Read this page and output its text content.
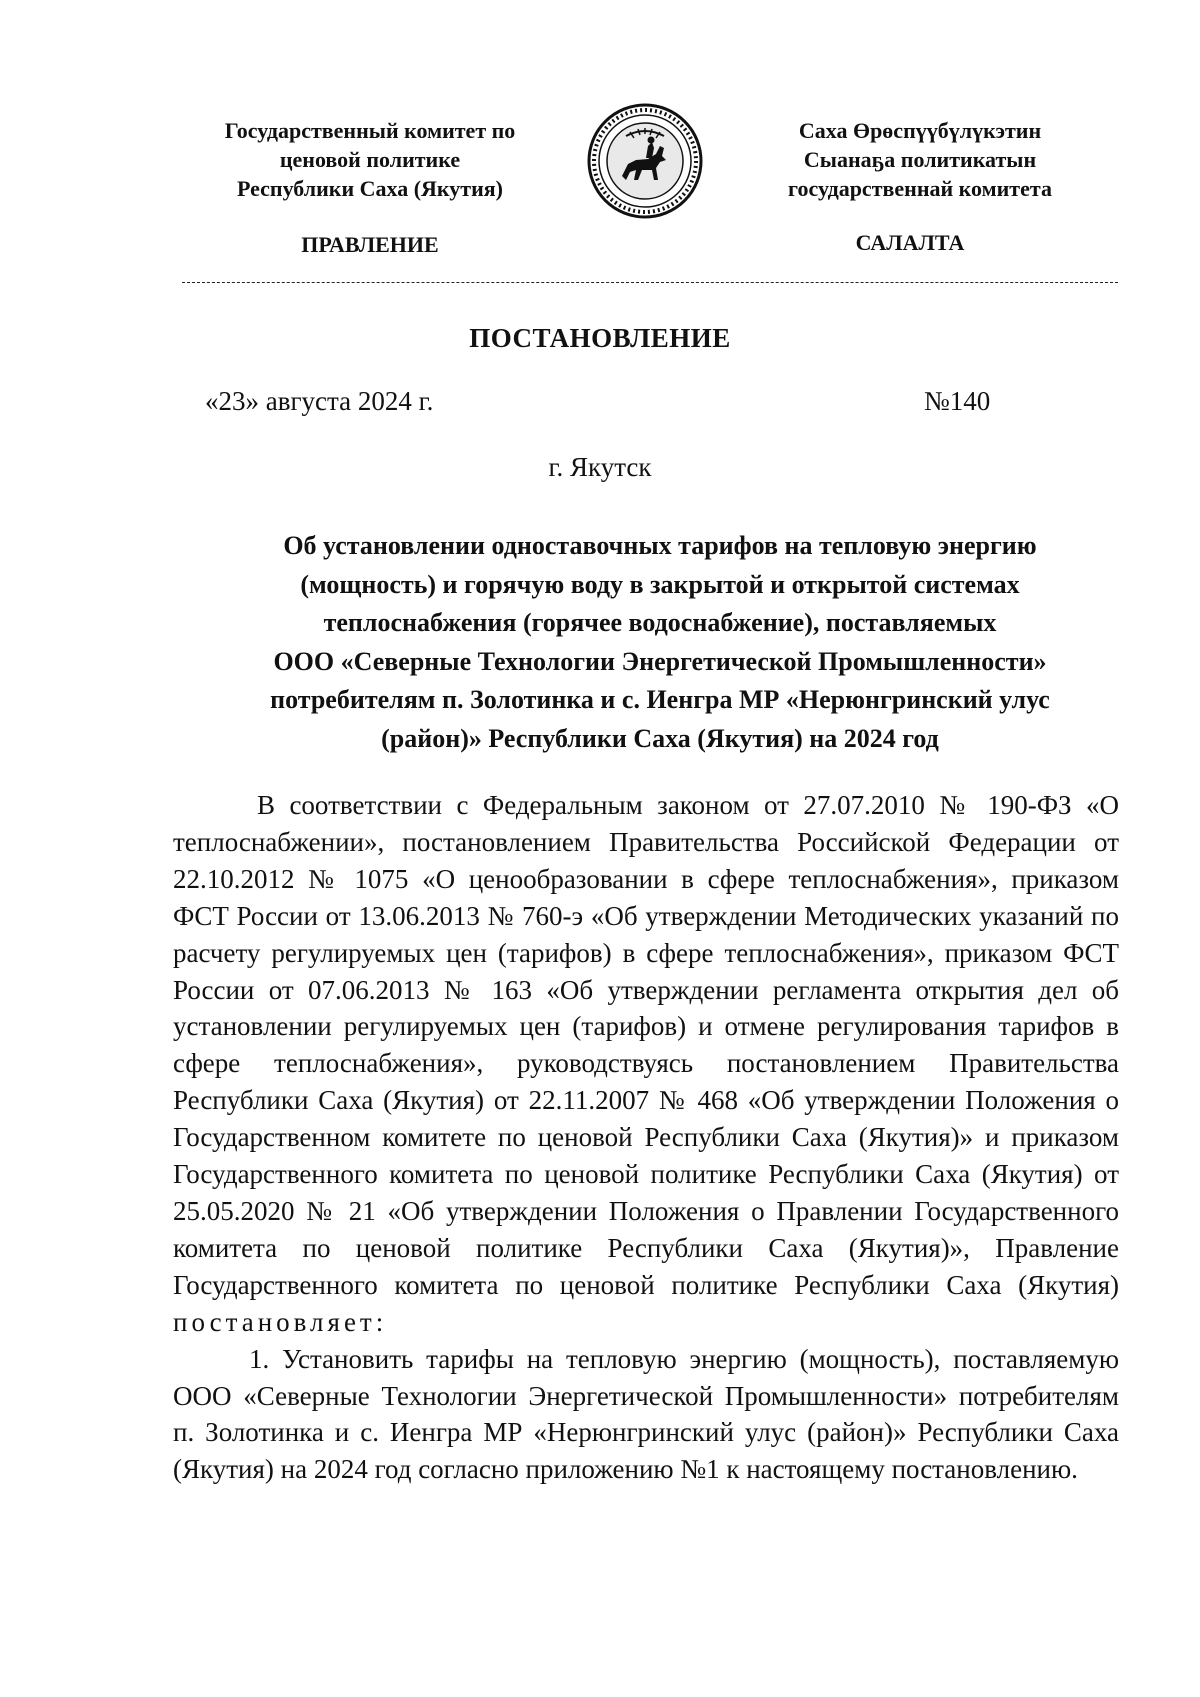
Государственный комитет по
ценовой политике
Республики Саха (Якутия)
Саха Өрөспүүбүлүкэтин
Сыанаҕа политикатын
государственнай комитета
ПРАВЛЕНИЕ	САЛАЛТА
ПОСТАНОВЛЕНИЕ
«23» августа 2024 г.	№140
г. Якутск
Об установлении одноставочных тарифов на тепловую энергию
(мощность) и горячую воду в закрытой и открытой системах
теплоснабжения (горячее водоснабжение), поставляемых
ООО «Северные Технологии Энергетической Промышленности»
потребителям п. Золотинка и с. Иенгра МР «Нерюнгринский улус
(район)» Республики Саха (Якутия) на 2024 год

В соответствии с Федеральным законом от 27.07.2010 № 190-ФЗ «О теплоснабжении», постановлением Правительства Российской Федерации от 22.10.2012 № 1075 «О ценообразовании в сфере теплоснабжения», приказом ФСТ России от 13.06.2013 № 760-э «Об утверждении Методических указаний по расчету регулируемых цен (тарифов) в сфере теплоснабжения», приказом ФСТ России от 07.06.2013 № 163 «Об утверждении регламента открытия дел об установлении регулируемых цен (тарифов) и отмене регулирования тарифов в сфере теплоснабжения», руководствуясь постановлением Правительства Республики Саха (Якутия) от 22.11.2007 № 468 «Об утверждении Положения о Государственном комитете по ценовой Республики Саха (Якутия)» и приказом Государственного комитета по ценовой политике Республики Саха (Якутия) от 25.05.2020 № 21 «Об утверждении Положения о Правлении Государственного комитета по ценовой политике Республики Саха (Якутия)», Правление Государственного комитета по ценовой политике Республики Саха (Якутия) постановляет:

1. Установить тарифы на тепловую энергию (мощность), поставляемую ООО «Северные Технологии Энергетической Промышленности» потребителям п. Золотинка и с. Иенгра МР «Нерюнгринский улус (район)» Республики Саха (Якутия) на 2024 год согласно приложению №1 к настоящему постановлению.
